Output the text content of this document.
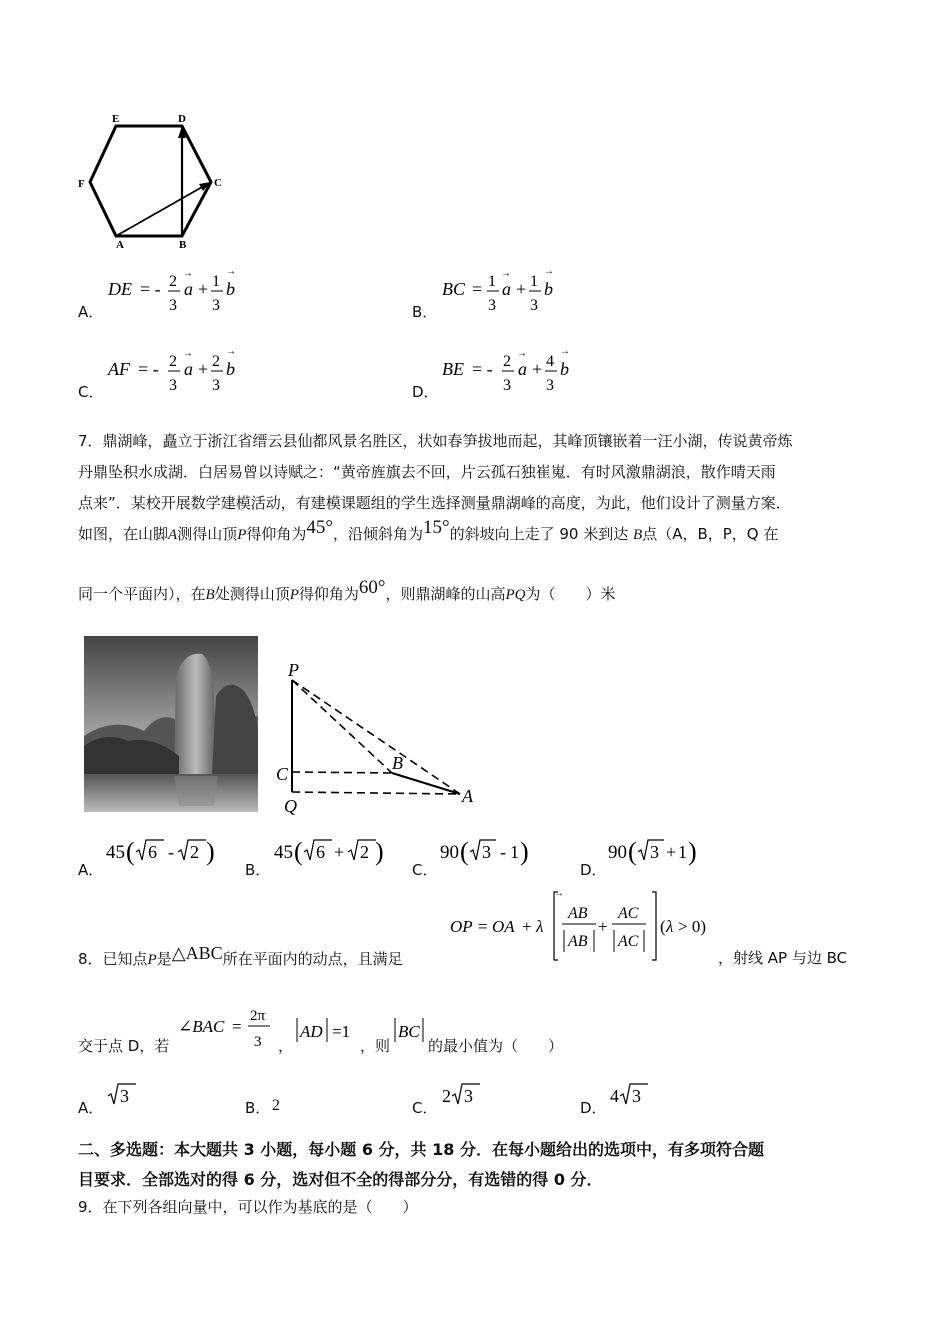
E	D
F	C
A	B
A．
DE = - 2
3
a
→
+ 1
3
b
→
B．
BC = 1
3
a
→
+ 1
3
b
→
C．
AF = - 2
3
a
→
+ 2
3
b
→
D．
BE = - 2
3
a
→
+ 4
3
b
→
7．鼎湖峰，矗立于浙江省缙云县仙都风景名胜区，状如春笋拔地而起，其峰顶镶嵌着一汪小湖，传说黄帝炼
丹鼎坠积水成湖．白居易曾以诗赋之：“黄帝旌旗去不回，片云孤石独崔嵬．有时风激鼎湖浪，散作晴天雨
点来”．某校开展数学建模活动，有建模课题组的学生选择测量鼎湖峰的高度，为此，他们设计了测量方案．
如图，在山脚A测得山顶P得仰角为45°，沿倾斜角为15°的斜坡向上走了 90 米到达 B点（A，B，P，Q 在
同一个平面内），在B处测得山顶P得仰角为60°，则鼎湖峰的山高PQ为（　　）米
P
B
C
Q	A
A．
45 ( 6 - 2 )
B．
45 ( 6 + 2 )
C．
90 ( 3 - 1 )
D．
90 ( 3 + 1 )
OP = OA + λ
→
AB
AB
+
AC
AC
( λ > 0)
8．已知点P是△ABC所在平面内的动点，且满足	，射线 AP 与边 BC
交于点 D，若
∠BAC =
2π
3 ，
AD =1
，则
BC
的最小值为（　　）
A．
3
B． 2	C．
2 3
D．
4 3
二、多选题：本大题共 3 小题，每小题 6 分，共 18 分．在每小题给出的选项中，有多项符合题
目要求．全部选对的得 6 分，选对但不全的得部分分，有选错的得 0 分．
9．在下列各组向量中，可以作为基底的是（　　）
